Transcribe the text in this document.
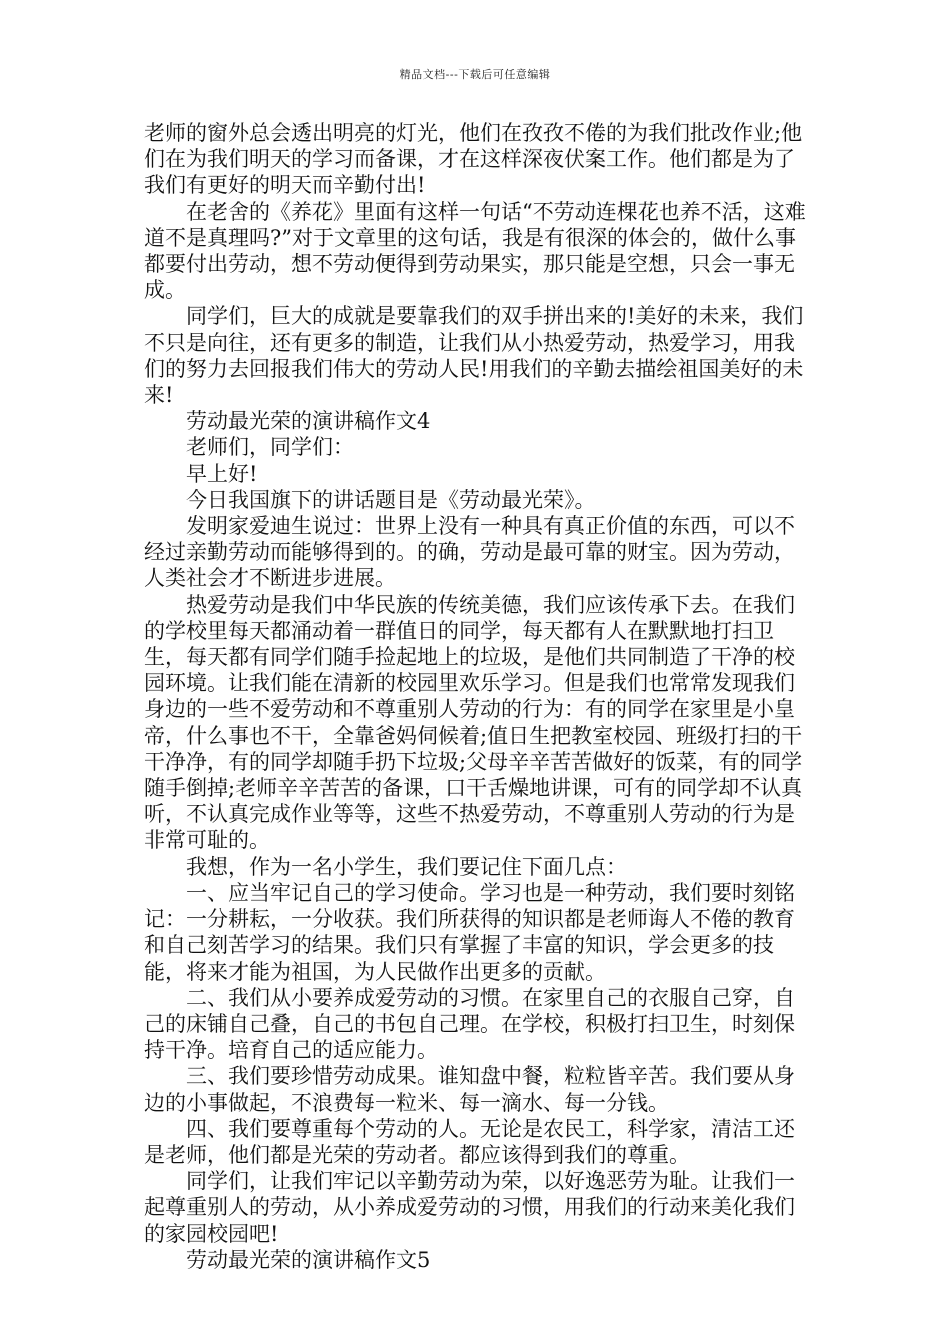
精品文档---下载后可任意编辑

老师的窗外总会透出明亮的灯光，他们在孜孜不倦的为我们批改作业;他们在为我们明天的学习而备课，才在这样深夜伏案工作。他们都是为了我们有更好的明天而辛勤付出!

在老舍的《养花》里面有这样一句话“不劳动连棵花也养不活，这难道不是真理吗?”对于文章里的这句话，我是有很深的体会的，做什么事都要付出劳动，想不劳动便得到劳动果实，那只能是空想，只会一事无成。

同学们，巨大的成就是要靠我们的双手拼出来的!美好的未来，我们不只是向往，还有更多的制造，让我们从小热爱劳动，热爱学习，用我们的努力去回报我们伟大的劳动人民!用我们的辛勤去描绘祖国美好的未来!

劳动最光荣的演讲稿作文4

老师们，同学们：

早上好!

今日我国旗下的讲话题目是《劳动最光荣》。

发明家爱迪生说过：世界上没有一种具有真正价值的东西，可以不经过亲勤劳动而能够得到的。的确，劳动是最可靠的财宝。因为劳动，人类社会才不断进步进展。

热爱劳动是我们中华民族的传统美德，我们应该传承下去。在我们的学校里每天都涌动着一群值日的同学，每天都有人在默默地打扫卫生，每天都有同学们随手捡起地上的垃圾，是他们共同制造了干净的校园环境。让我们能在清新的校园里欢乐学习。但是我们也常常发现我们身边的一些不爱劳动和不尊重别人劳动的行为：有的同学在家里是小皇帝，什么事也不干，全靠爸妈伺候着;值日生把教室校园、班级打扫的干干净净，有的同学却随手扔下垃圾;父母辛辛苦苦做好的饭菜，有的同学随手倒掉;老师辛辛苦苦的备课，口干舌燥地讲课，可有的同学却不认真听，不认真完成作业等等，这些不热爱劳动，不尊重别人劳动的行为是非常可耻的。

我想，作为一名小学生，我们要记住下面几点：

一、应当牢记自己的学习使命。学习也是一种劳动，我们要时刻铭记：一分耕耘，一分收获。我们所获得的知识都是老师诲人不倦的教育和自己刻苦学习的结果。我们只有掌握了丰富的知识，学会更多的技能，将来才能为祖国，为人民做作出更多的贡献。

二、我们从小要养成爱劳动的习惯。在家里自己的衣服自己穿，自己的床铺自己叠，自己的书包自己理。在学校，积极打扫卫生，时刻保持干净。培育自己的适应能力。

三、我们要珍惜劳动成果。谁知盘中餐，粒粒皆辛苦。我们要从身边的小事做起，不浪费每一粒米、每一滴水、每一分钱。

四、我们要尊重每个劳动的人。无论是农民工，科学家，清洁工还是老师，他们都是光荣的劳动者。都应该得到我们的尊重。

同学们，让我们牢记以辛勤劳动为荣，以好逸恶劳为耻。让我们一起尊重别人的劳动，从小养成爱劳动的习惯，用我们的行动来美化我们的家园校园吧!

劳动最光荣的演讲稿作文5
